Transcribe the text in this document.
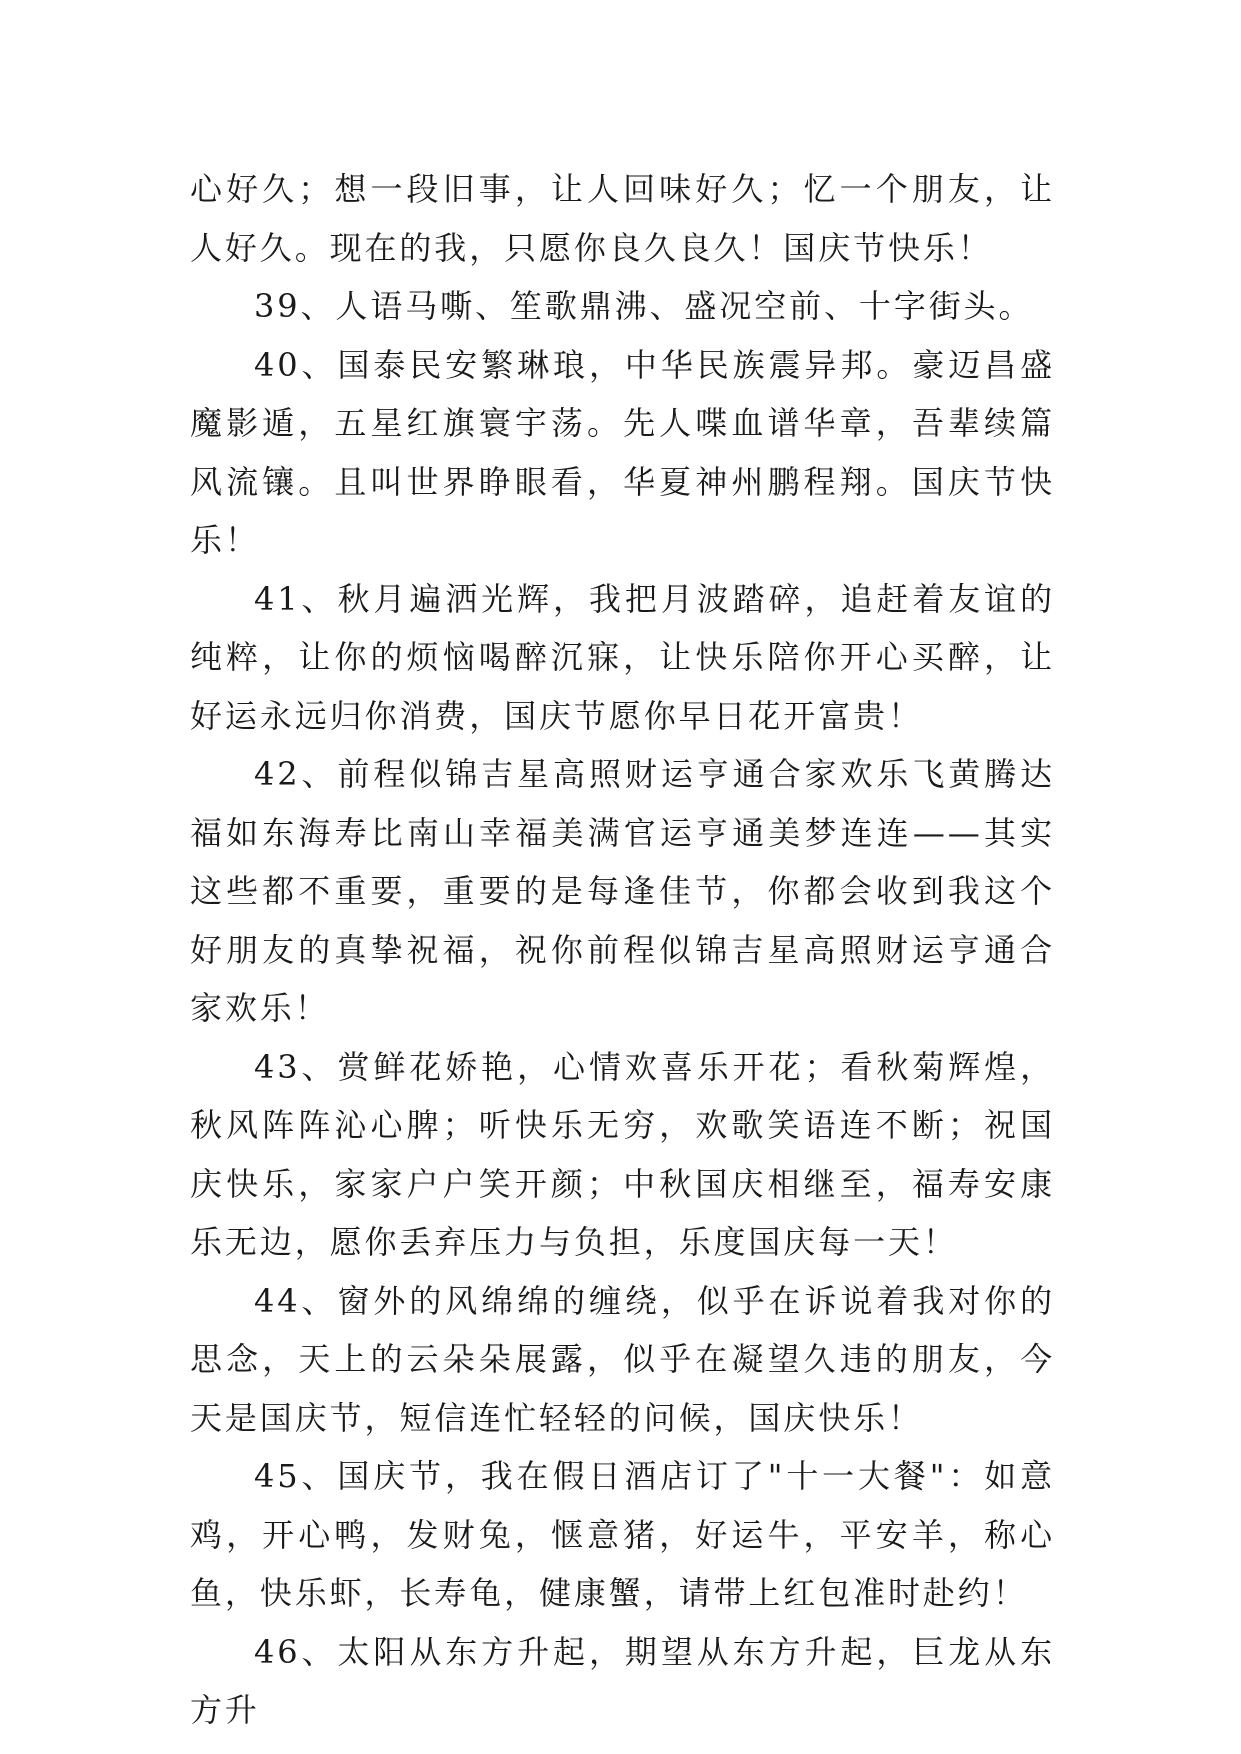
心好久；想一段旧事，让人回味好久；忆一个朋友，让人好久。现在的我，只愿你良久良久！国庆节快乐！

39、人语马嘶、笙歌鼎沸、盛况空前、十字街头。

40、国泰民安繁琳琅，中华民族震异邦。豪迈昌盛魔影遁，五星红旗寰宇荡。先人喋血谱华章，吾辈续篇风流镶。且叫世界睁眼看，华夏神州鹏程翔。国庆节快乐！

41、秋月遍洒光辉，我把月波踏碎，追赶着友谊的纯粹，让你的烦恼喝醉沉寐，让快乐陪你开心买醉，让好运永远归你消费，国庆节愿你早日花开富贵！

42、前程似锦吉星高照财运亨通合家欢乐飞黄腾达福如东海寿比南山幸福美满官运亨通美梦连连——其实这些都不重要，重要的是每逢佳节，你都会收到我这个好朋友的真挚祝福，祝你前程似锦吉星高照财运亨通合家欢乐！

43、赏鲜花娇艳，心情欢喜乐开花；看秋菊辉煌，秋风阵阵沁心脾；听快乐无穷，欢歌笑语连不断；祝国庆快乐，家家户户笑开颜；中秋国庆相继至，福寿安康乐无边，愿你丢弃压力与负担，乐度国庆每一天！

44、窗外的风绵绵的缠绕，似乎在诉说着我对你的思念，天上的云朵朵展露，似乎在凝望久违的朋友，今天是国庆节，短信连忙轻轻的问候，国庆快乐！

45、国庆节，我在假日酒店订了"十一大餐"：如意鸡，开心鸭，发财兔，惬意猪，好运牛，平安羊，称心鱼，快乐虾，长寿龟，健康蟹，请带上红包准时赴约！

46、太阳从东方升起，期望从东方升起，巨龙从东方升
